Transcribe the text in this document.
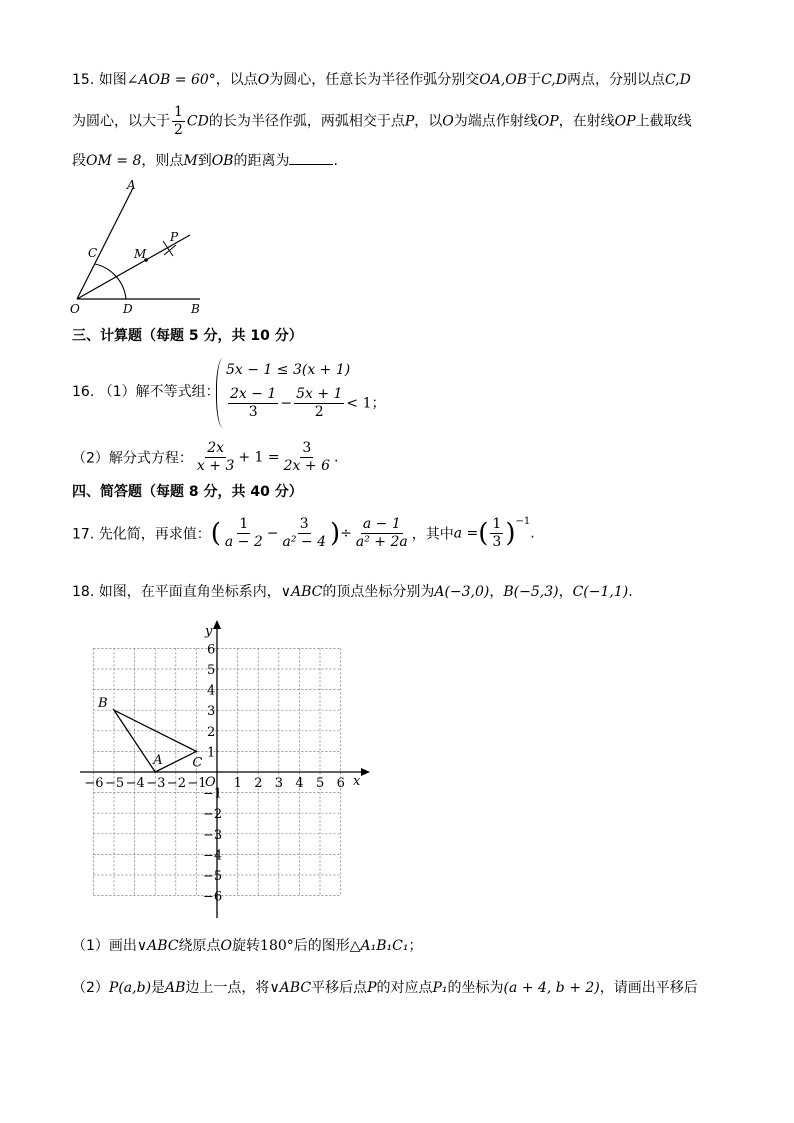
15. 如图∠AOB = 60°，以点O为圆心，任意长为半径作弧分别交OA,OB于C,D两点，分别以点C,D
为圆心，以大于 $\frac{1}{2}$ CD的长为半径作弧，两弧相交于点P，以O为端点作射线OP，在射线OP上截取线
段OM = 8，则点M到OB的距离为	.
A
B
C
D
M
O
P
三、计算题（每题 5 分，共 10 分）
16. （1）解不等式组：
5x − 1 ≤ 3(x + 1)
$\frac{2x - 1}{3} - \frac{5x + 1}{2} < 1$；
（2）解分式方程： $\frac{2x}{x + 3} + 1 = \frac{3}{2x + 6}$ .
四、简答题（每题 8 分，共 40 分）
17. 先化简，再求值：( $\frac{1}{a - 2} - \frac{3}{\text{a² − 4}}$ )÷ $\frac{a - 1}{\text{a² + 2a}}$ ，其中a =( $\frac{1}{3} )^{-1}$.
18. 如图，在平面直角坐标系内，∨ABC的顶点坐标分别为A(−3,0)，B(−5,3)，C(−1,1).
−6 −5 −4 −3 −2 −1 1 2 3 4 5 6
6
5
4
3
2
1
−1
−2
−3
−4
−5
−6
x
y
O
A
B
C
（1）画出∨ABC绕原点O旋转180°后的图形△A₁B₁C₁；
（2）P(a,b)是AB边上一点，将∨ABC平移后点P的对应点P₁的坐标为(a + 4, b + 2)，请画出平移后
